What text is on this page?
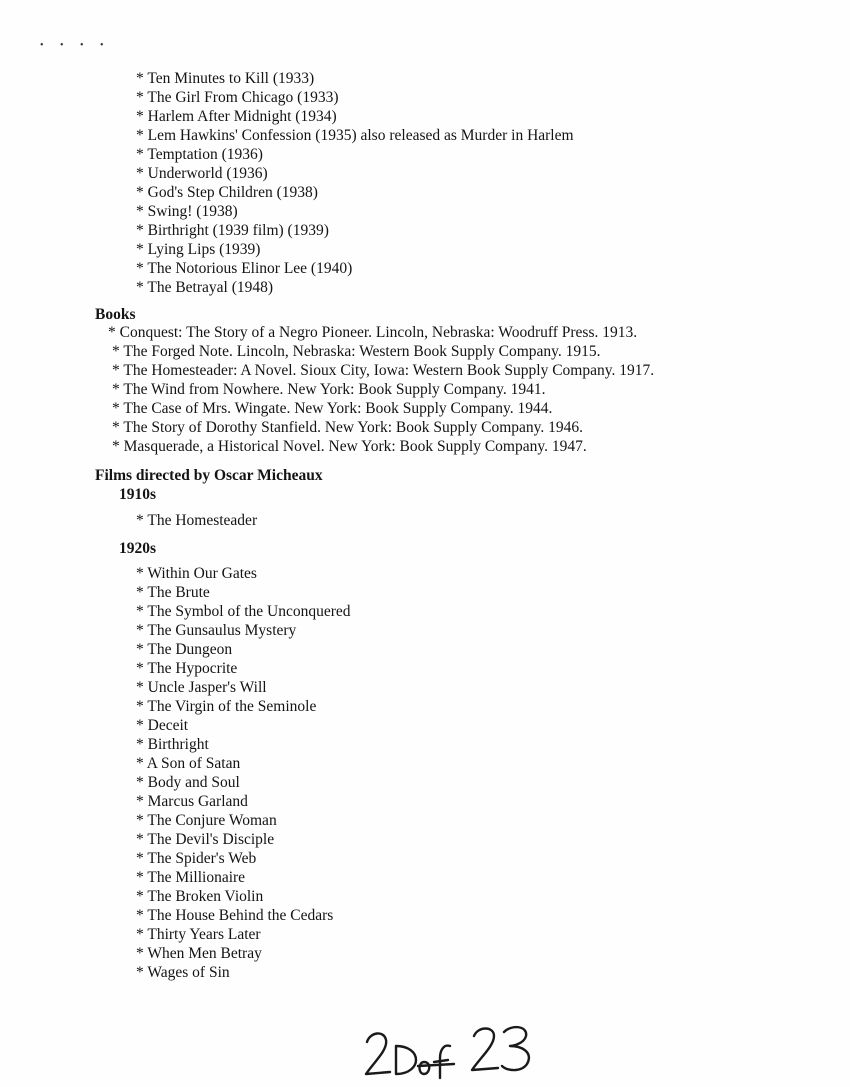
• • • •
* Ten Minutes to Kill (1933)
* The Girl From Chicago (1933)
* Harlem After Midnight (1934)
* Lem Hawkins' Confession (1935) also released as Murder in Harlem
* Temptation (1936)
* Underworld (1936)
* God's Step Children (1938)
* Swing! (1938)
* Birthright (1939 film) (1939)
* Lying Lips (1939)
* The Notorious Elinor Lee (1940)
* The Betrayal (1948)
Books
* Conquest: The Story of a Negro Pioneer. Lincoln, Nebraska: Woodruff Press. 1913.
* The Forged Note. Lincoln, Nebraska: Western Book Supply Company. 1915.
* The Homesteader: A Novel. Sioux City, Iowa: Western Book Supply Company. 1917.
* The Wind from Nowhere. New York: Book Supply Company. 1941.
* The Case of Mrs. Wingate. New York: Book Supply Company. 1944.
* The Story of Dorothy Stanfield. New York: Book Supply Company. 1946.
* Masquerade, a Historical Novel. New York: Book Supply Company. 1947.
Films directed by Oscar Micheaux
1910s
* The Homesteader
1920s
* Within Our Gates
* The Brute
* The Symbol of the Unconquered
* The Gunsaulus Mystery
* The Dungeon
* The Hypocrite
* Uncle Jasper's Will
* The Virgin of the Seminole
* Deceit
* Birthright
* A Son of Satan
* Body and Soul
* Marcus Garland
* The Conjure Woman
* The Devil's Disciple
* The Spider's Web
* The Millionaire
* The Broken Violin
* The House Behind the Cedars
* Thirty Years Later
* When Men Betray
* Wages of Sin
